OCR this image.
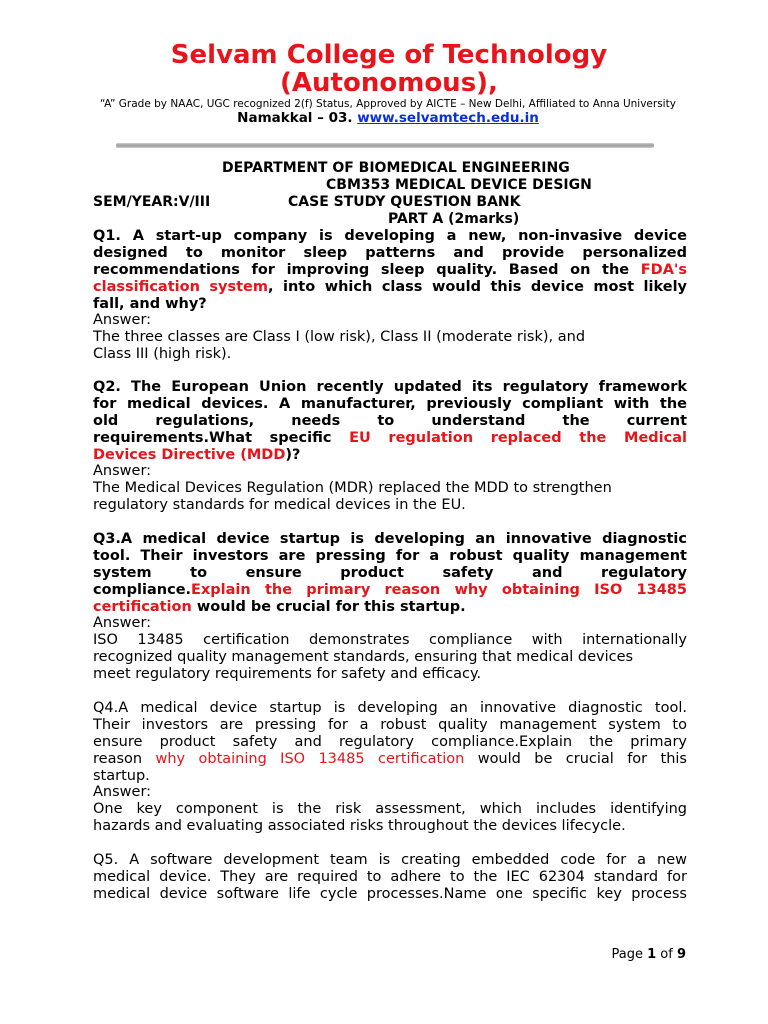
Selvam College of Technology
(Autonomous),
“A” Grade by NAAC, UGC recognized 2(f) Status, Approved by AICTE – New Delhi, Affiliated to Anna University
Namakkal – 03. www.selvamtech.edu.in
DEPARTMENT OF BIOMEDICAL ENGINEERING
CBM353 MEDICAL DEVICE DESIGN
SEM/YEAR:V/III	CASE STUDY QUESTION BANK
PART A (2marks)
Q1. A start-up company is developing a new, non-invasive device
designed to monitor sleep patterns and provide personalized
recommendations for improving sleep quality. Based on the FDA's
classification system, into which class would this device most likely
fall, and why?
Answer:
The three classes are Class I (low risk), Class II (moderate risk), and
Class III (high risk).
Q2. The European Union recently updated its regulatory framework
for medical devices. A manufacturer, previously compliant with the
old regulations, needs to understand the current
requirements.What specific EU regulation replaced the Medical
Devices Directive (MDD)?
Answer:
The Medical Devices Regulation (MDR) replaced the MDD to strengthen
regulatory standards for medical devices in the EU.
Q3.A medical device startup is developing an innovative diagnostic
tool. Their investors are pressing for a robust quality management
system to ensure product safety and regulatory
compliance.Explain the primary reason why obtaining ISO 13485
certification would be crucial for this startup.
Answer:
ISO 13485 certification demonstrates compliance with internationally
recognized quality management standards, ensuring that medical devices
meet regulatory requirements for safety and efficacy.
Q4.A medical device startup is developing an innovative diagnostic tool.
Their investors are pressing for a robust quality management system to
ensure product safety and regulatory compliance.Explain the primary
reason why obtaining ISO 13485 certification would be crucial for this
startup.
Answer:
One key component is the risk assessment, which includes identifying
hazards and evaluating associated risks throughout the devices lifecycle.
Q5. A software development team is creating embedded code for a new
medical device. They are required to adhere to the IEC 62304 standard for
medical device software life cycle processes.Name one specific key process
Page 1 of 9
